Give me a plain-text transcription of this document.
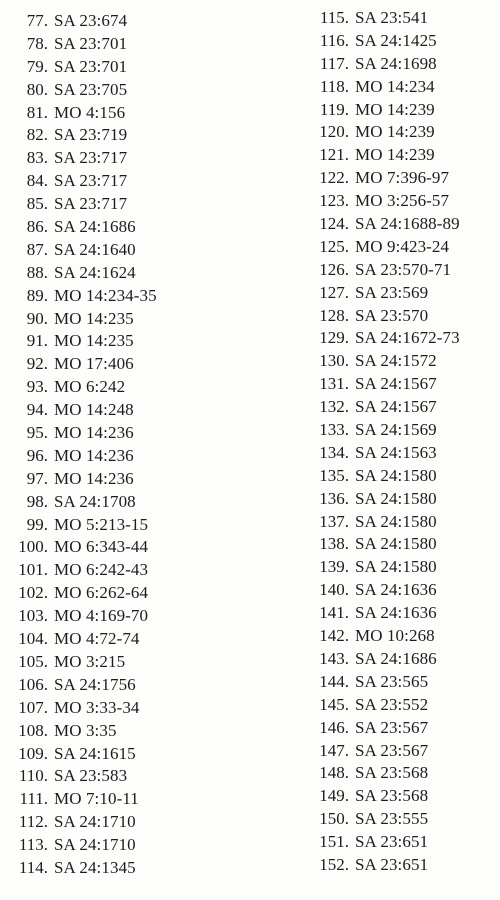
77. SA 23:674
78. SA 23:701
79. SA 23:701
80. SA 23:705
81. MO 4:156
82. SA 23:719
83. SA 23:717
84. SA 23:717
85. SA 23:717
86. SA 24:1686
87. SA 24:1640
88. SA 24:1624
89. MO 14:234-35
90. MO 14:235
91. MO 14:235
92. MO 17:406
93. MO 6:242
94. MO 14:248
95. MO 14:236
96. MO 14:236
97. MO 14:236
98. SA 24:1708
99. MO 5:213-15
100. MO 6:343-44
101. MO 6:242-43
102. MO 6:262-64
103. MO 4:169-70
104. MO 4:72-74
105. MO 3:215
106. SA 24:1756
107. MO 3:33-34
108. MO 3:35
109. SA 24:1615
110. SA 23:583
111. MO 7:10-11
112. SA 24:1710
113. SA 24:1710
114. SA 24:1345
115. SA 23:541
116. SA 24:1425
117. SA 24:1698
118. MO 14:234
119. MO 14:239
120. MO 14:239
121. MO 14:239
122. MO 7:396-97
123. MO 3:256-57
124. SA 24:1688-89
125. MO 9:423-24
126. SA 23:570-71
127. SA 23:569
128. SA 23:570
129. SA 24:1672-73
130. SA 24:1572
131. SA 24:1567
132. SA 24:1567
133. SA 24:1569
134. SA 24:1563
135. SA 24:1580
136. SA 24:1580
137. SA 24:1580
138. SA 24:1580
139. SA 24:1580
140. SA 24:1636
141. SA 24:1636
142. MO 10:268
143. SA 24:1686
144. SA 23:565
145. SA 23:552
146. SA 23:567
147. SA 23:567
148. SA 23:568
149. SA 23:568
150. SA 23:555
151. SA 23:651
152. SA 23:651
